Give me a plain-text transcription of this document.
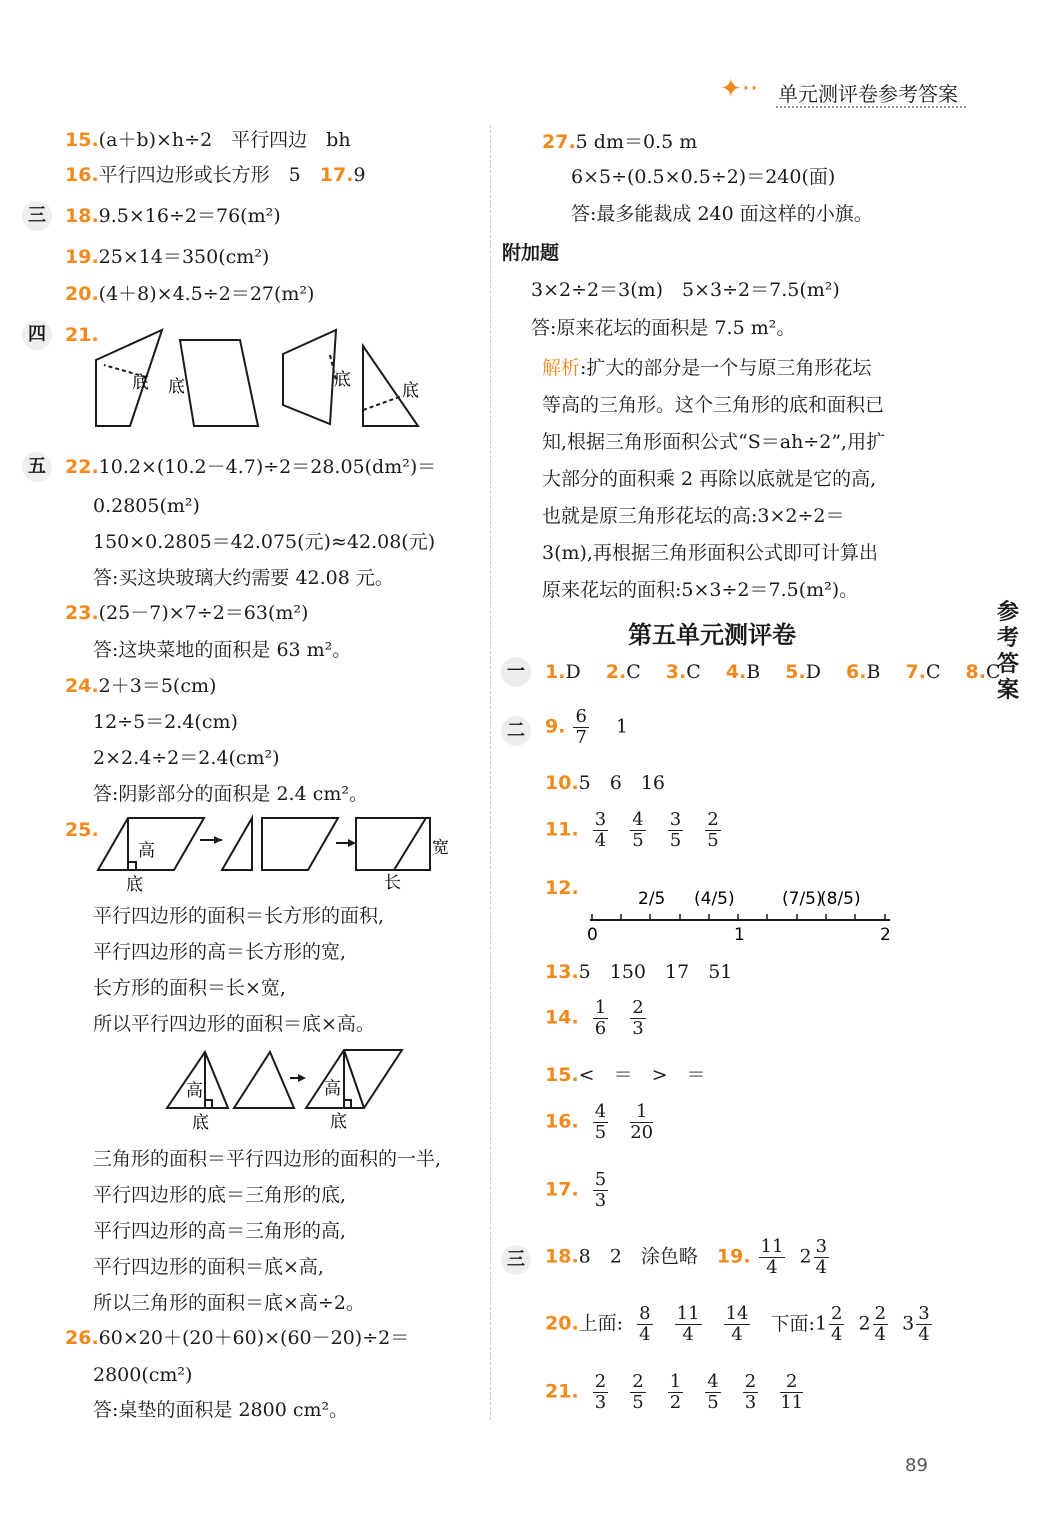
✦·· 单元测评卷参考答案
15.(a＋b)×h÷2　平行四边　bh
16.平行四边形或长方形　5　17.9
三	18.9.5×16÷2＝76(m²)
19.25×14＝350(cm²)
20.(4＋8)×4.5÷2＝27(m²)
四	21.
底 底	底
底
五	22.10.2×(10.2－4.7)÷2＝28.05(dm²)＝
0.2805(m²)
150×0.2805＝42.075(元)≈42.08(元)
答:买这块玻璃大约需要 42.08 元。
23.(25－7)×7÷2＝63(m²)
答:这块菜地的面积是 63 m²。
24.2＋3＝5(cm)
12÷5＝2.4(cm)
2×2.4÷2＝2.4(cm²)
答:阴影部分的面积是 2.4 cm²。
25.
高
底
宽
长
平行四边形的面积＝长方形的面积,
平行四边形的高＝长方形的宽,
长方形的面积＝长×宽,
所以平行四边形的面积＝底×高。
高
底
高
底
三角形的面积＝平行四边形的面积的一半,
平行四边形的底＝三角形的底,
平行四边形的高＝三角形的高,
平行四边形的面积＝底×高,
所以三角形的面积＝底×高÷2。
26.60×20＋(20＋60)×(60－20)÷2＝
2800(cm²)
答:桌垫的面积是 2800 cm²。
27.5 dm＝0.5 m
6×5÷(0.5×0.5÷2)＝240(面)
答:最多能裁成 240 面这样的小旗。
附加题
3×2÷2＝3(m)　5×3÷2＝7.5(m²)
答:原来花坛的面积是 7.5 m²。
解析:扩大的部分是一个与原三角形花坛
等高的三角形。这个三角形的底和面积已
知,根据三角形面积公式“S＝ah÷2”,用扩
大部分的面积乘 2 再除以底就是它的高,
也就是原三角形花坛的高:3×2÷2＝
3(m),再根据三角形面积公式即可计算出
原来花坛的面积:5×3÷2＝7.5(m²)。
第五单元测评卷
一	1.D　 2.C　 3.C　 4.B　 5.D　 6.B　 7.C　 8.C
二	9. $\frac{6}{7}$
　 1
10.5　6　16
11. $\frac{3}{4}$
$\frac{4}{5}$
$\frac{3}{5}$
$\frac{2}{5}$
12.
0	1	2
2/5 (4/5)	(7/5)
(8/5)
13.5　150　17　51
14. $\frac{1}{6}$
$\frac{2}{3}$
15.<　＝　>　＝
16. $\frac{4}{5}$
$\frac{1}{20}$
17. $\frac{5}{3}$
三	18.8　2　涂色略　 19. $\frac{11}{4} 2 \frac{3}{4}$
20.上面: $\frac{8}{4}$
$\frac{11}{4}$
$\frac{14}{4}$ 下面:1 $\frac{2}{4} 2 \frac{2}{4} 3 \frac{3}{4}$
21. $\frac{2}{3}$
$\frac{2}{5}$
$\frac{1}{2}$
$\frac{4}{5}$
$\frac{2}{3}$
$\frac{2}{11}$
参考答案
89
